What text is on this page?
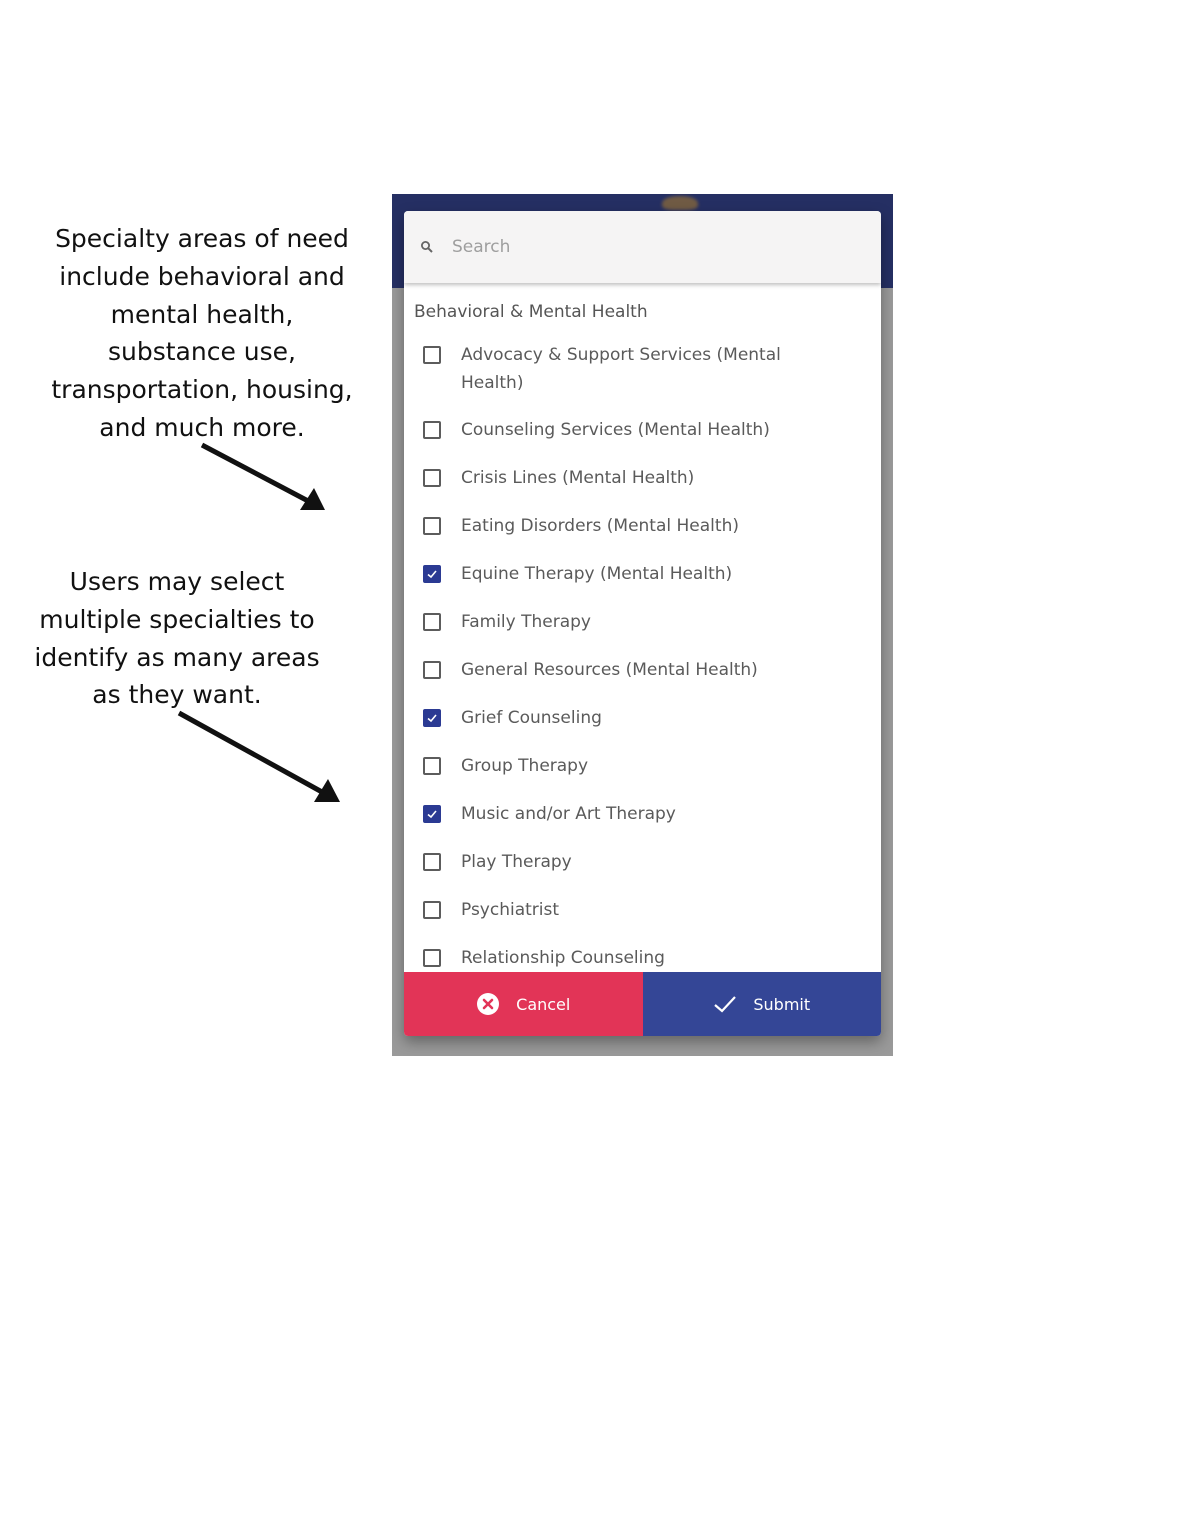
Specialty areas of need
include behavioral and
mental health,
substance use,
transportation, housing,
and much more.
Users may select
multiple specialties to
identify as many areas
as they want.
Search
Behavioral & Mental Health
Advocacy & Support Services (Mental Health)
Counseling Services (Mental Health)
Crisis Lines (Mental Health)
Eating Disorders (Mental Health)
Equine Therapy (Mental Health)
Family Therapy
General Resources (Mental Health)
Grief Counseling
Group Therapy
Music and/or Art Therapy
Play Therapy
Psychiatrist
Relationship Counseling
Cancel	Submit
